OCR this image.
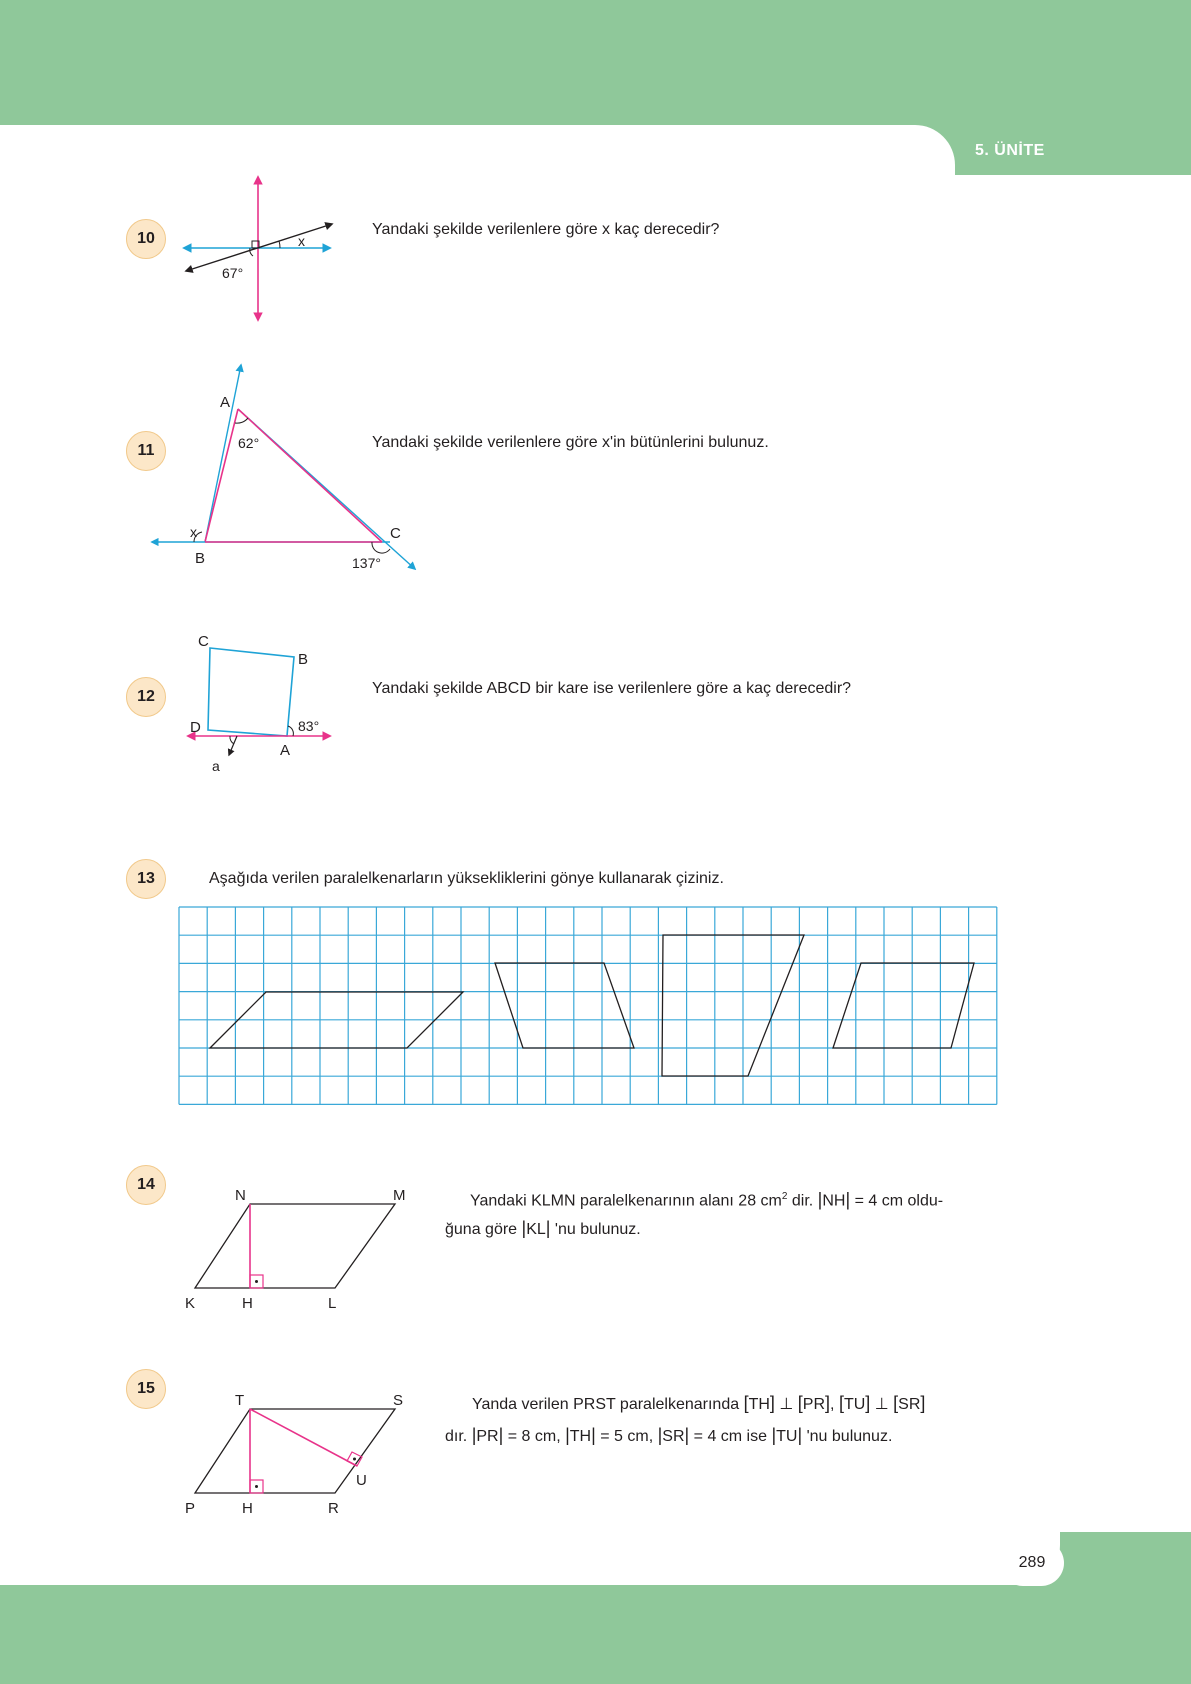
5. ÜNİTE
289
10	x
67°
Yandaki şekilde verilenlere göre x kaç derecedir?
11
A
62°
x
B
C
137°
Yandaki şekilde verilenlere göre x'in bütünlerini bulunuz.
12
C
B
D	83°
A
a
Yandaki şekilde ABCD bir kare ise verilenlere göre a kaç derecedir?
13	Aşağıda verilen paralelkenarların yüksekliklerini gönye kullanarak çiziniz.
14
N	M
K	H	L
Yandaki KLMN paralelkenarının alanı 28 $cm^2$ dir. |NH| = 4 cm oldu-
ğuna göre |KL| 'nu bulunuz.
15
T	S
U
P	H	R
Yanda verilen PRST paralelkenarında [TH] ⊥ [PR], [TU] ⊥ [SR]
dır. |PR| = 8 cm, |TH| = 5 cm, |SR| = 4 cm ise |TU| 'nu bulunuz.
